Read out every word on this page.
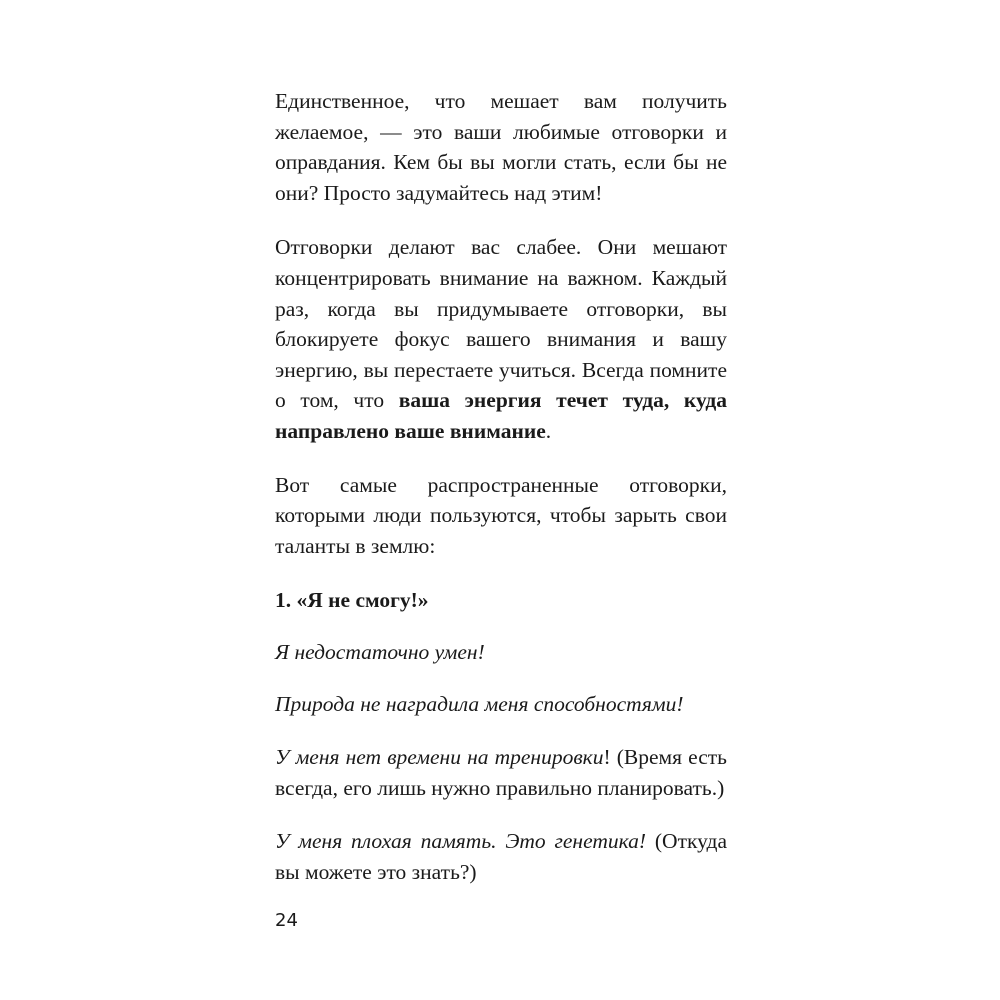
Единственное, что мешает вам получить желаемое, — это ваши любимые отговорки и оправдания. Кем бы вы могли стать, если бы не они? Просто задумайтесь над этим!

Отговорки делают вас слабее. Они мешают концентрировать внимание на важном. Каждый раз, когда вы придумываете отговорки, вы блокируете фокус вашего внимания и вашу энергию, вы перестаете учиться. Всегда помните о том, что ваша энергия течет туда, куда направлено ваше внимание.

Вот самые распространенные отговорки, которыми люди пользуются, чтобы зарыть свои таланты в землю:

1. «Я не смогу!»

Я недостаточно умен!

Природа не наградила меня способностями!

У меня нет времени на тренировки! (Время есть всегда, его лишь нужно правильно планировать.)

У меня плохая память. Это генетика! (Откуда вы можете это знать?)

24
